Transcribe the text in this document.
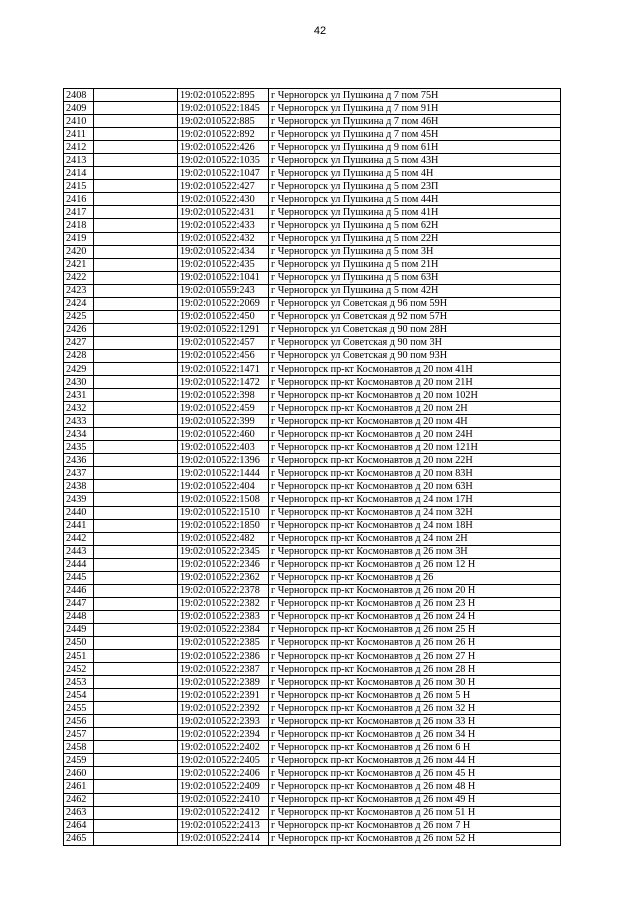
42
2408		19:02:010522:895	г Черногорск ул Пушкина д 7 пом 75Н
2409		19:02:010522:1845	г Черногорск ул Пушкина д 7 пом 91Н
2410		19:02:010522:885	г Черногорск ул Пушкина д 7 пом 46Н
2411		19:02:010522:892	г Черногорск ул Пушкина д 7 пом 45Н
2412		19:02:010522:426	г Черногорск ул Пушкина д 9 пом 61Н
2413		19:02:010522:1035	г Черногорск ул Пушкина д 5 пом 43Н
2414		19:02:010522:1047	г Черногорск ул Пушкина д 5 пом 4Н
2415		19:02:010522:427	г Черногорск ул Пушкина д 5 пом 23П
2416		19:02:010522:430	г Черногорск ул Пушкина д 5 пом 44Н
2417		19:02:010522:431	г Черногорск ул Пушкина д 5 пом 41Н
2418		19:02:010522:433	г Черногорск ул Пушкина д 5 пом 62Н
2419		19:02:010522:432	г Черногорск ул Пушкина д 5 пом 22Н
2420		19:02:010522:434	г Черногорск ул Пушкина д 5 пом 3Н
2421		19:02:010522:435	г Черногорск ул Пушкина д 5 пом 21Н
2422		19:02:010522:1041	г Черногорск ул Пушкина д 5 пом 63Н
2423		19:02:010559:243	г Черногорск ул Пушкина д 5 пом 42Н
2424		19:02:010522:2069	г Черногорск ул Советская д 96 пом 59Н
2425		19:02:010522:450	г Черногорск ул Советская д 92 пом 57Н
2426		19:02:010522:1291	г Черногорск ул Советская д 90 пом 28Н
2427		19:02:010522:457	г Черногорск ул Советская д 90 пом 3Н
2428		19:02:010522:456	г Черногорск ул Советская д 90 пом 93Н
2429		19:02:010522:1471	г Черногорск пр-кт Космонавтов д 20 пом 41Н
2430		19:02:010522:1472	г Черногорск пр-кт Космонавтов д 20 пом 21Н
2431		19:02:010522:398	г Черногорск пр-кт Космонавтов д 20 пом 102Н
2432		19:02:010522:459	г Черногорск пр-кт Космонавтов д 20 пом 2Н
2433		19:02:010522:399	г Черногорск пр-кт Космонавтов д 20 пом 4Н
2434		19:02:010522:460	г Черногорск пр-кт Космонавтов д 20 пом 24Н
2435		19:02:010522:403	г Черногорск пр-кт Космонавтов д 20 пом 121Н
2436		19:02:010522:1396	г Черногорск пр-кт Космонавтов д 20 пом 22Н
2437		19:02:010522:1444	г Черногорск пр-кт Космонавтов д 20 пом 83Н
2438		19:02:010522:404	г Черногорск пр-кт Космонавтов д 20 пом 63Н
2439		19:02:010522:1508	г Черногорск пр-кт Космонавтов д 24 пом 17Н
2440		19:02:010522:1510	г Черногорск пр-кт Космонавтов д 24 пом 32Н
2441		19:02:010522:1850	г Черногорск пр-кт Космонавтов д 24 пом 18Н
2442		19:02:010522:482	г Черногорск пр-кт Космонавтов д 24 пом 2Н
2443		19:02:010522:2345	г Черногорск пр-кт Космонавтов д 26 пом 3Н
2444		19:02:010522:2346	г Черногорск пр-кт Космонавтов д 26 пом 12 Н
2445		19:02:010522:2362	г Черногорск пр-кт Космонавтов д 26
2446		19:02:010522:2378	г Черногорск пр-кт Космонавтов д 26 пом 20 Н
2447		19:02:010522:2382	г Черногорск пр-кт Космонавтов д 26 пом 23 Н
2448		19:02:010522:2383	г Черногорск пр-кт Космонавтов д 26 пом 24 Н
2449		19:02:010522:2384	г Черногорск пр-кт Космонавтов д 26 пом 25 Н
2450		19:02:010522:2385	г Черногорск пр-кт Космонавтов д 26 пом 26 Н
2451		19:02:010522:2386	г Черногорск пр-кт Космонавтов д 26 пом 27 Н
2452		19:02:010522:2387	г Черногорск пр-кт Космонавтов д 26 пом 28 Н
2453		19:02:010522:2389	г Черногорск пр-кт Космонавтов д 26 пом 30 Н
2454		19:02:010522:2391	г Черногорск пр-кт Космонавтов д 26 пом 5 Н
2455		19:02:010522:2392	г Черногорск пр-кт Космонавтов д 26 пом 32 Н
2456		19:02:010522:2393	г Черногорск пр-кт Космонавтов д 26 пом 33 Н
2457		19:02:010522:2394	г Черногорск пр-кт Космонавтов д 26 пом 34 Н
2458		19:02:010522:2402	г Черногорск пр-кт Космонавтов д 26 пом 6 Н
2459		19:02:010522:2405	г Черногорск пр-кт Космонавтов д 26 пом 44 Н
2460		19:02:010522:2406	г Черногорск пр-кт Космонавтов д 26 пом 45 Н
2461		19:02:010522:2409	г Черногорск пр-кт Космонавтов д 26 пом 48 Н
2462		19:02:010522:2410	г Черногорск пр-кт Космонавтов д 26 пом 49 Н
2463		19:02:010522:2412	г Черногорск пр-кт Космонавтов д 26 пом 51 Н
2464		19:02:010522:2413	г Черногорск пр-кт Космонавтов д 26 пом 7 Н
2465		19:02:010522:2414	г Черногорск пр-кт Космонавтов д 26 пом 52 Н
